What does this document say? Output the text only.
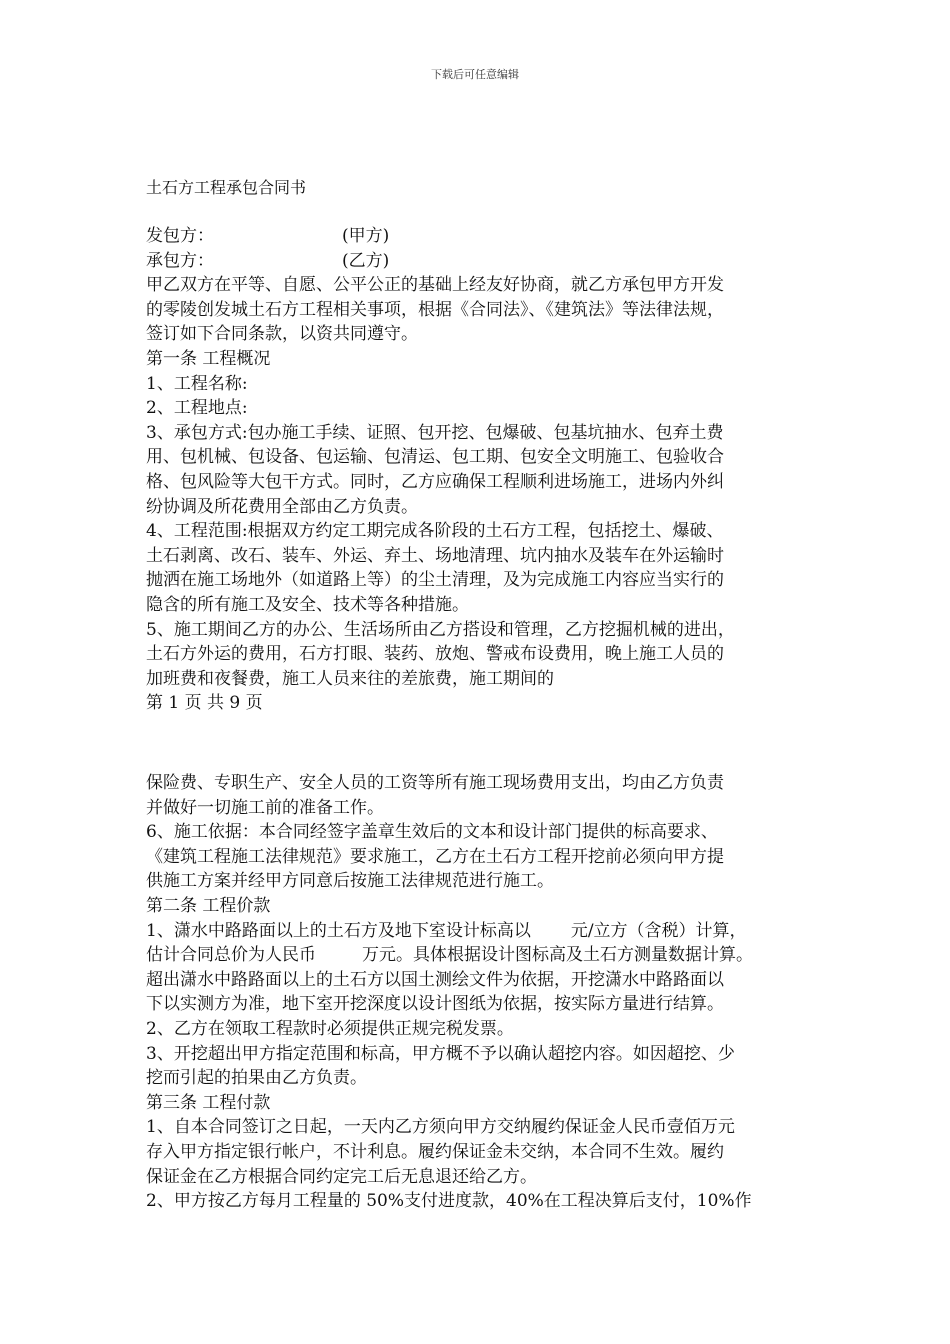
下载后可任意编辑
土石方工程承包合同书
发包方：	(甲方)
承包方：	(乙方)
甲乙双方在平等、自愿、公平公正的基础上经友好协商，就乙方承包甲方开发
的零陵创发城土石方工程相关事项，根据《合同法》、《建筑法》等法律法规，
签订如下合同条款，以资共同遵守。
第一条 工程概况
1、工程名称:
2、工程地点:
3、承包方式:包办施工手续、证照、包开挖、包爆破、包基坑抽水、包弃土费
用、包机械、包设备、包运输、包清运、包工期、包安全文明施工、包验收合
格、包风险等大包干方式。同时，乙方应确保工程顺利进场施工，进场内外纠
纷协调及所花费用全部由乙方负责。
4、工程范围:根据双方约定工期完成各阶段的土石方工程，包括挖土、爆破、
土石剥离、改石、装车、外运、弃土、场地清理、坑内抽水及装车在外运输时
抛洒在施工场地外（如道路上等）的尘土清理，及为完成施工内容应当实行的
隐含的所有施工及安全、技术等各种措施。
5、施工期间乙方的办公、生活场所由乙方搭设和管理，乙方挖掘机械的进出，
土石方外运的费用，石方打眼、装药、放炮、警戒布设费用，晚上施工人员的
加班费和夜餐费，施工人员来往的差旅费，施工期间的
第 1 页 共 9 页
保险费、专职生产、安全人员的工资等所有施工现场费用支出，均由乙方负责
并做好一切施工前的准备工作。
6、施工依据：本合同经签字盖章生效后的文本和设计部门提供的标高要求、
《建筑工程施工法律规范》要求施工，乙方在土石方工程开挖前必须向甲方提
供施工方案并经甲方同意后按施工法律规范进行施工。
第二条 工程价款
1、潇水中路路面以上的土石方及地下室设计标高以 元/立方（含税）计算，
估计合同总价为人民币	万元。具体根据设计图标高及土石方测量数据计算。
超出潇水中路路面以上的土石方以国土测绘文件为依据，开挖潇水中路路面以
下以实测方为准，地下室开挖深度以设计图纸为依据，按实际方量进行结算。
2、乙方在领取工程款时必须提供正规完税发票。
3、开挖超出甲方指定范围和标高，甲方概不予以确认超挖内容。如因超挖、少
挖而引起的拍果由乙方负责。
第三条 工程付款
1、自本合同签订之日起，一天内乙方须向甲方交纳履约保证金人民币壹佰万元
存入甲方指定银行帐户，不计利息。履约保证金未交纳，本合同不生效。履约
保证金在乙方根据合同约定完工后无息退还给乙方。
2、甲方按乙方每月工程量的 50%支付进度款，40%在工程决算后支付，10%作
